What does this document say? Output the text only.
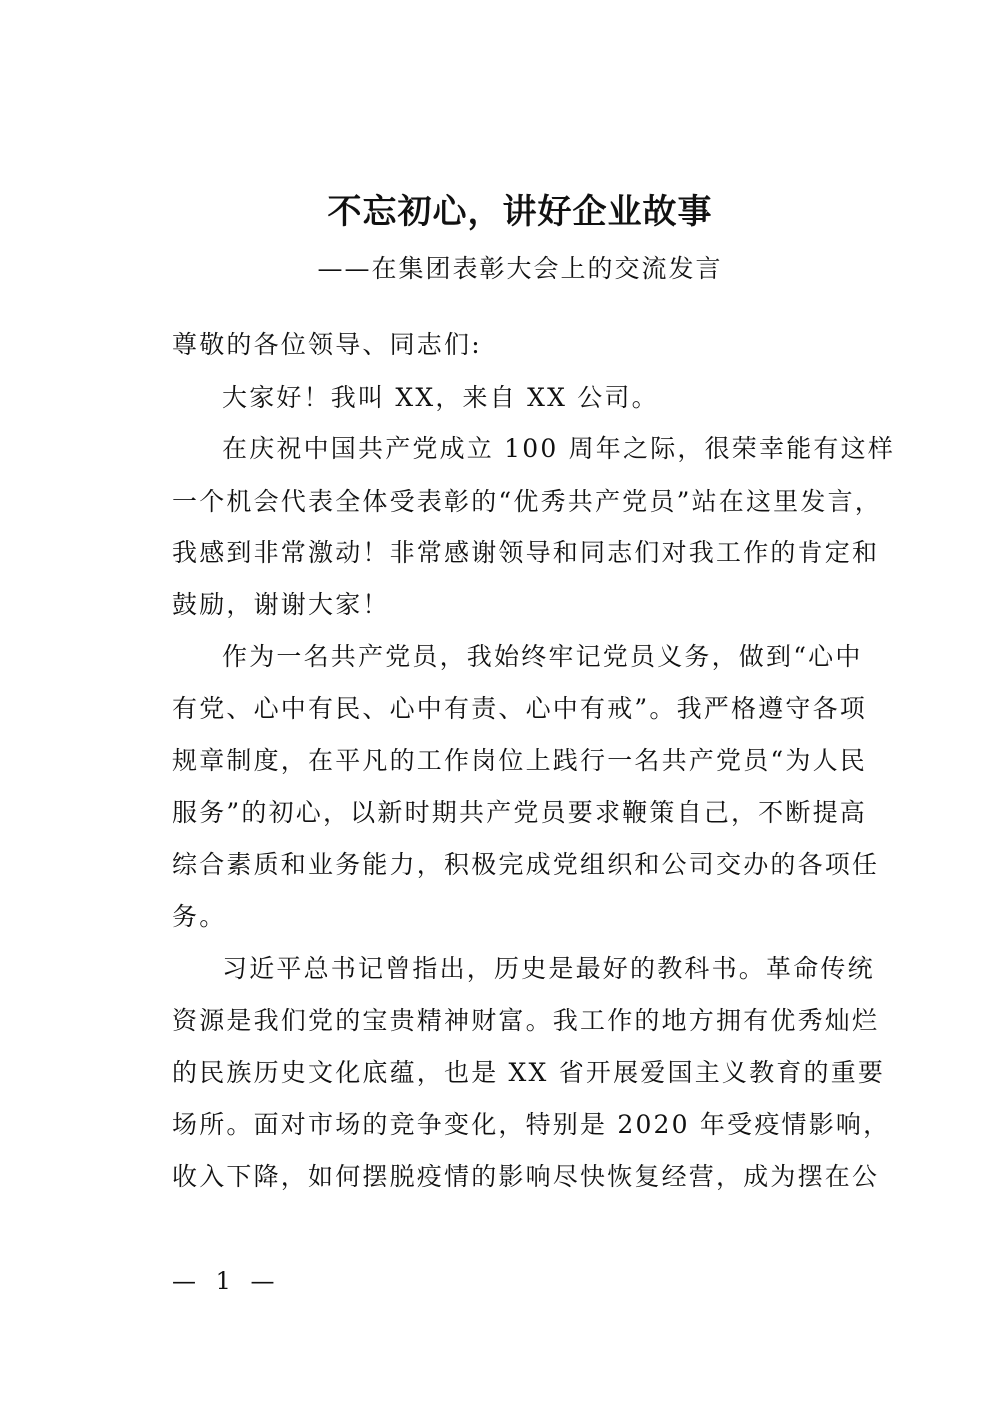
不忘初心，讲好企业故事

——在集团表彰大会上的交流发言

尊敬的各位领导、同志们:

大家好！我叫 XX，来自 XX 公司。

在庆祝中国共产党成立 100 周年之际，很荣幸能有这样

一个机会代表全体受表彰的“优秀共产党员”站在这里发言，

我感到非常激动！非常感谢领导和同志们对我工作的肯定和

鼓励，谢谢大家！

作为一名共产党员，我始终牢记党员义务，做到“心中

有党、心中有民、心中有责、心中有戒”。我严格遵守各项

规章制度，在平凡的工作岗位上践行一名共产党员“为人民

服务”的初心，以新时期共产党员要求鞭策自己，不断提高

综合素质和业务能力，积极完成党组织和公司交办的各项任

务。

习近平总书记曾指出，历史是最好的教科书。革命传统

资源是我们党的宝贵精神财富。我工作的地方拥有优秀灿烂

的民族历史文化底蕴，也是 XX 省开展爱国主义教育的重要

场所。面对市场的竞争变化，特别是 2020 年受疫情影响，

收入下降，如何摆脱疫情的影响尽快恢复经营，成为摆在公

— 1 —
